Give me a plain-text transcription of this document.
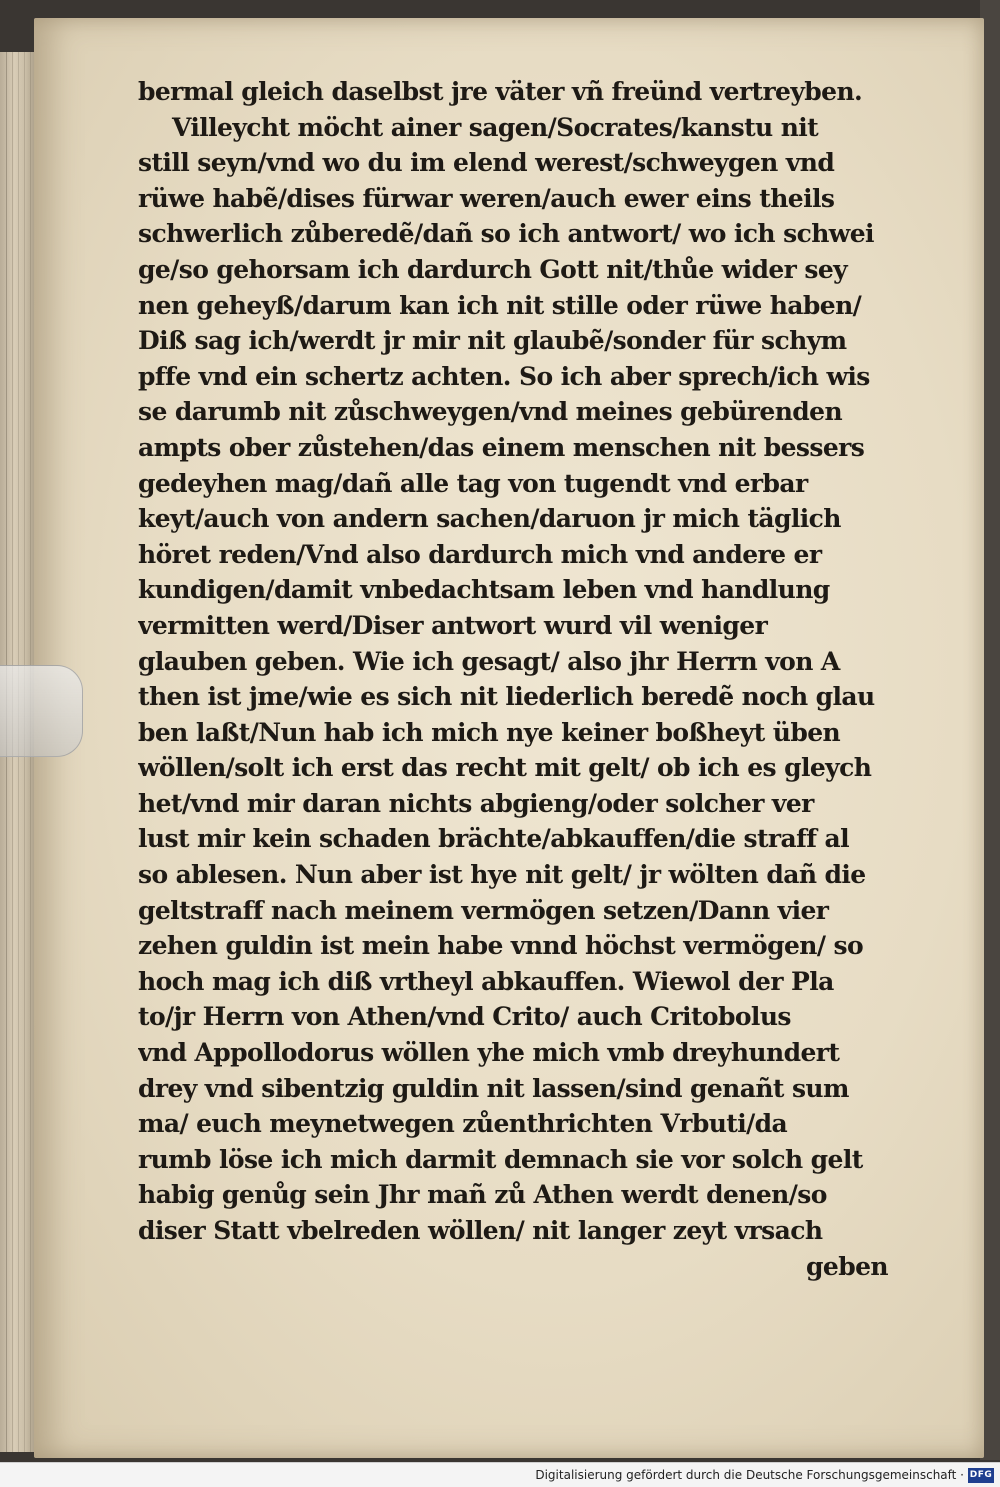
bermal gleich daselbst jre väter vñ freünd vertreyben.
Villeycht möcht ainer sagen/Socrates/kanstu nit
still seyn/vnd wo du im elend werest/schweygen vnd
rüwe habẽ/dises fürwar weren/auch ewer eins theils
schwerlich zůberedẽ/dañ so ich antwort/ wo ich schwei
ge/so gehorsam ich dardurch Gott nit/thůe wider sey
nen geheyß/darum kan ich nit stille oder rüwe haben/
Diß sag ich/werdt jr mir nit glaubẽ/sonder für schym
pffe vnd ein schertz achten. So ich aber sprech/ich wis
se darumb nit zůschweygen/vnd meines gebürenden
ampts ober zůstehen/das einem menschen nit bessers
gedeyhen mag/dañ alle tag von tugendt vnd erbar
keyt/auch von andern sachen/daruon jr mich täglich
höret reden/Vnd also dardurch mich vnd andere er
kundigen/damit vnbedachtsam leben vnd handlung
vermitten werd/Diser antwort wurd vil weniger
glauben geben. Wie ich gesagt/ also jhr Herrn von A
then ist jme/wie es sich nit liederlich beredẽ noch glau
ben laßt/Nun hab ich mich nye keiner boßheyt üben
wöllen/solt ich erst das recht mit gelt/ ob ich es gleych
het/vnd mir daran nichts abgieng/oder solcher ver
lust mir kein schaden brächte/abkauffen/die straff al
so ablesen. Nun aber ist hye nit gelt/ jr wölten dañ die
geltstraff nach meinem vermögen setzen/Dann vier
zehen guldin ist mein habe vnnd höchst vermögen/ so
hoch mag ich diß vrtheyl abkauffen. Wiewol der Pla
to/jr Herrn von Athen/vnd Crito/ auch Critobolus
vnd Appollodorus wöllen yhe mich vmb dreyhundert
drey vnd sibentzig guldin nit lassen/sind genañt sum
ma/ euch meynetwegen zůenthrichten Vrbuti/da
rumb löse ich mich darmit demnach sie vor solch gelt
habig genůg sein Jhr mañ zů Athen werdt denen/so
diser Statt vbelreden wöllen/ nit langer zeyt vrsach
geben
Digitalisierung gefördert durch die Deutsche Forschungsgemeinschaft · DFG
